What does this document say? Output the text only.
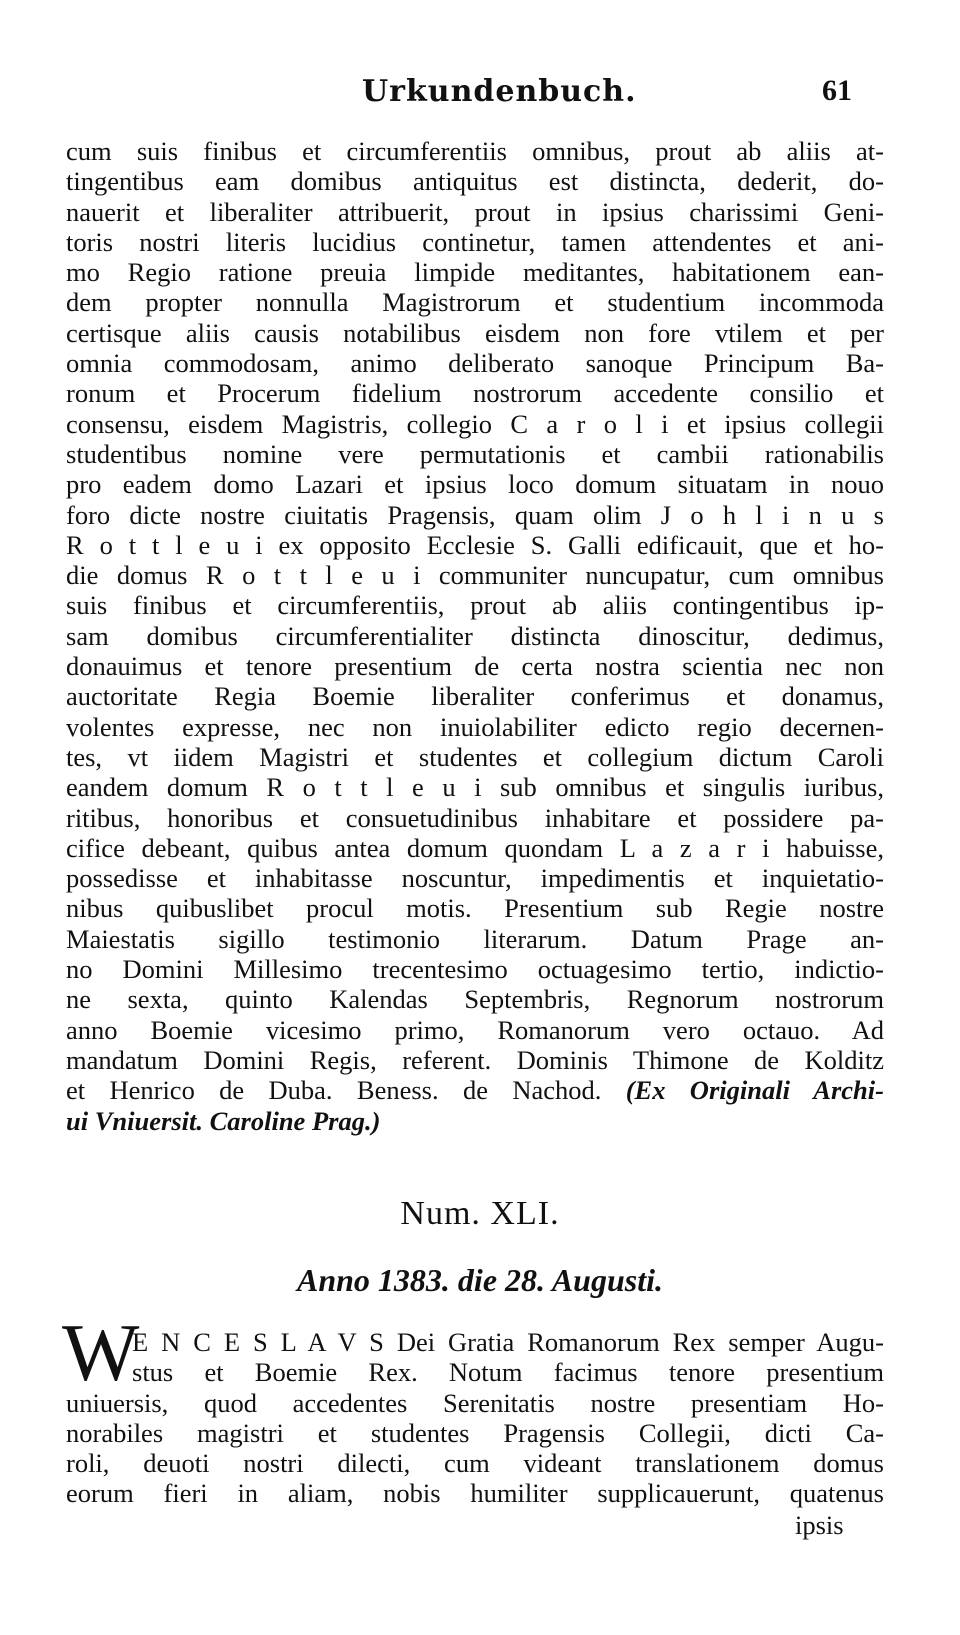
Urkundenbuch.	61
cum suis finibus et circumferentiis omnibus, prout ab aliis at-
tingentibus eam domibus antiquitus est distincta, dederit, do-
nauerit et liberaliter attribuerit, prout in ipsius charissimi Geni-
toris nostri literis lucidius continetur, tamen attendentes et ani-
mo Regio ratione preuia limpide meditantes, habitationem ean-
dem propter nonnulla Magistrorum et studentium incommoda
certisque aliis causis notabilibus eisdem non fore vtilem et per
omnia commodosam, animo deliberato sanoque Principum Ba-
ronum et Procerum fidelium nostrorum accedente consilio et
consensu, eisdem Magistris, collegio C a r o l i et ipsius collegii
studentibus nomine vere permutationis et cambii rationabilis
pro eadem domo Lazari et ipsius loco domum situatam in nouo
foro dicte nostre ciuitatis Pragensis, quam olim J o h l i n u s
R o t t l e u i ex opposito Ecclesie S. Galli edificauit, que et ho-
die domus R o t t l e u i communiter nuncupatur, cum omnibus
suis finibus et circumferentiis, prout ab aliis contingentibus ip-
sam domibus circumferentialiter distincta dinoscitur, dedimus,
donauimus et tenore presentium de certa nostra scientia nec non
auctoritate Regia Boemie liberaliter conferimus et donamus,
volentes expresse, nec non inuiolabiliter edicto regio decernen-
tes, vt iidem Magistri et studentes et collegium dictum Caroli
eandem domum R o t t l e u i sub omnibus et singulis iuribus,
ritibus, honoribus et consuetudinibus inhabitare et possidere pa-
cifice debeant, quibus antea domum quondam L a z a r i habuisse,
possedisse et inhabitasse noscuntur, impedimentis et inquietatio-
nibus quibuslibet procul motis. Presentium sub Regie nostre
Maiestatis sigillo testimonio literarum. Datum Prage an-
no Domini Millesimo trecentesimo octuagesimo tertio, indictio-
ne sexta, quinto Kalendas Septembris, Regnorum nostrorum
anno Boemie vicesimo primo, Romanorum vero octauo. Ad
mandatum Domini Regis, referent. Dominis Thimone de Kolditz
et Henrico de Duba. Beness. de Nachod. (Ex Originali Archi-
ui Vniuersit. Caroline Prag.)
Num. XLI.
Anno 1383. die 28. Augusti.
W
E N C E S L A V S Dei Gratia Romanorum Rex semper Augu-
stus et Boemie Rex. Notum facimus tenore presentium
uniuersis, quod accedentes Serenitatis nostre presentiam Ho-
norabiles magistri et studentes Pragensis Collegii, dicti Ca-
roli, deuoti nostri dilecti, cum videant translationem domus
eorum fieri in aliam, nobis humiliter supplicauerunt, quatenus
ipsis
